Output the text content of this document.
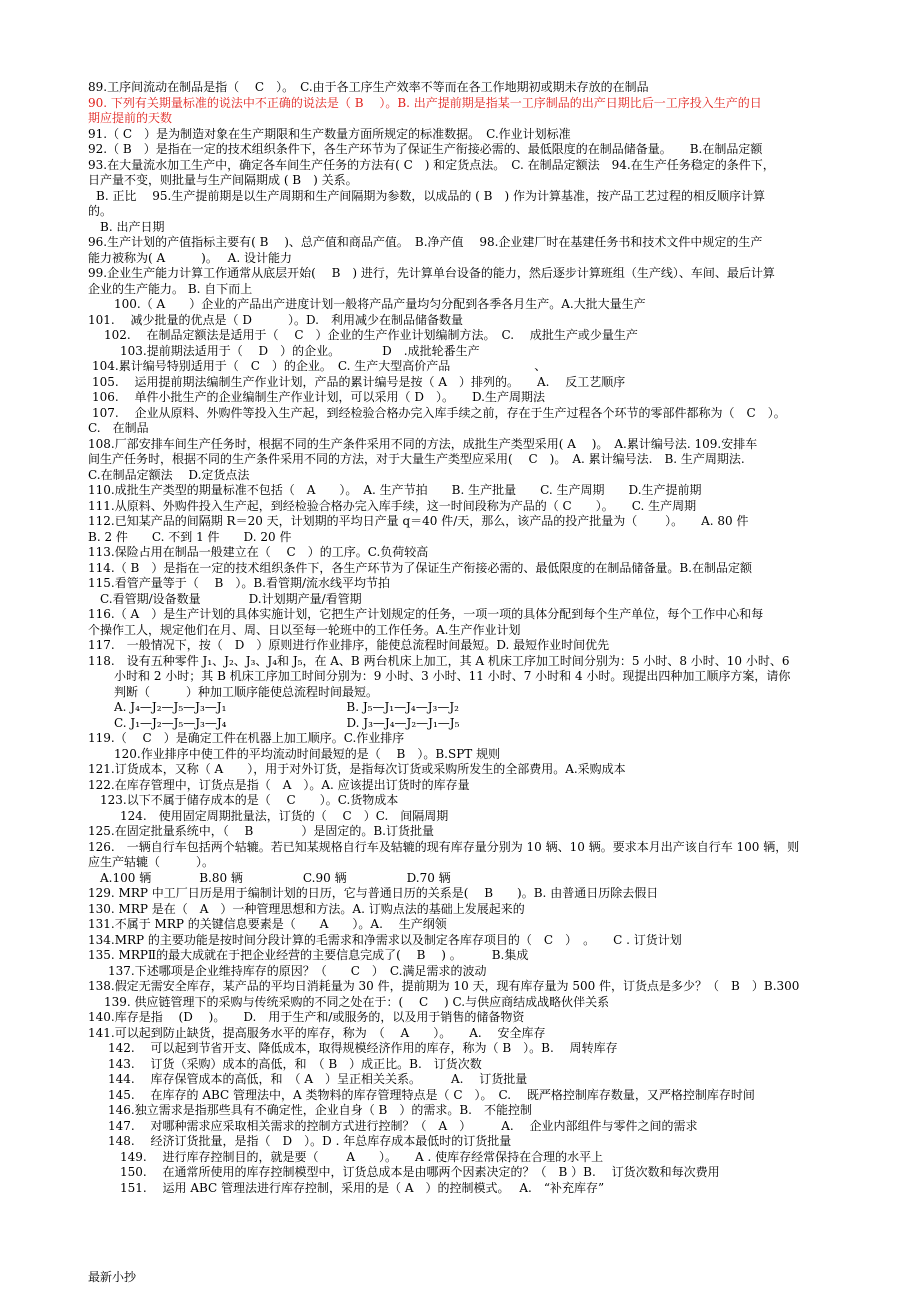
89.工序间流动在制品是指（　 C　）。　C.由于各工序生产效率不等而在各工作地期初或期未存放的在制品
90. 下列有关期量标准的说法中不正确的说法是（ B　 ）。B. 出产提前期是指某一工序制品的出产日期比后一工序投入生产的日
期应提前的天数
91.（ C　）是为制造对象在生产期限和生产数量方面所规定的标准数据。　C.作业计划标准
92.（ B　）是指在一定的技术组织条件下，各生产环节为了保证生产衔接必需的、最低限度的在制品储备量。　　B.在制品定额
93.在大量流水加工生产中，确定各车间生产任务的方法有( C　) 和定货点法。　C. 在制品定额法　94.在生产任务稳定的条件下，
日产量不变，则批量与生产间隔期成 ( B　) 关系。
B. 正比　 95.生产提前期是以生产周期和生产间隔期为参数，以成品的 ( B　) 作为计算基准，按产品工艺过程的相反顺序计算
的。
B. 出产日期
96.生产计划的产值指标主要有( B　 )、总产值和商品产值。　B.净产值　 98.企业建厂时在基建任务书和技术文件中规定的生产
能力被称为( A　　　)。　 A. 设计能力
99.企业生产能力计算工作通常从底层开始(　 B　) 进行，先计算单台设备的能力，然后逐步计算班组（生产线）、车间、最后计算
企业的生产能力。 B. 自下而上
100.（ A　　）企业的产品出产进度计划一般将产品产量均匀分配到各季各月生产。A.大批大量生产
101.　 减少批量的优点是（ D　　　）。D.　利用减少在制品储备数量
102.　 在制品定额法是适用于（　 C　）企业的生产作业计划编制方法。　C.　 成批生产或少量生产
103.提前期法适用于（　 D　）的企业。　　　　D　.成批轮番生产
104.累计编号特别适用于（　C　）的企业。　C. 生产大型高价产品　　　　　　　、
105.　 运用提前期法编制生产作业计划，产品的累计编号是按（ A　）排列的。　　A.　 反工艺顺序
106.　 单件小批生产的企业编制生产作业计划，可以采用（ D　）。　　D.生产周期法
107.　 企业从原料、外购件等投入生产起，到经检验合格办完入库手续之前，存在于生产过程各个环节的零部件都称为（　C　）。
C.　在制品
108.厂部安排车间生产任务时，根据不同的生产条件采用不同的方法，成批生产类型采用( A　 )。　A.累计编号法. 109.安排车
间生产任务时，根据不同的生产条件采用不同的方法，对于大量生产类型应采用(　 C　)。　A. 累计编号法.　B. 生产周期法.
C.在制品定额法　 D.定货点法
110.成批生产类型的期量标准不包括（　A　　）。　A. 生产节拍　　B. 生产批量　　C. 生产周期　　D.生产提前期
111.从原料、外购件投入生产起，到经检验合格办完入库手续，这一时间段称为产品的（ C　　）。　　C. 生产周期
112.已知某产品的间隔期 R＝20 天，计划期的平均日产量 q＝40 件/天，那么，该产品的投产批量为（　　 ）。　　A. 80 件
B. 2 件　　C. 不到 1 件　　D. 20 件
113.保险占用在制品一般建立在（　 C　）的工序。C.负荷较高
114.（ B　）是指在一定的技术组织条件下，各生产环节为了保证生产衔接必需的、最低限度的在制品储备量。B.在制品定额
115.看管产量等于（　 B　）。B.看管期/流水线平均节拍
C.看管期/设备数量　　　　D.计划期产量/看管期
116.（ A　）是生产计划的具体实施计划，它把生产计划规定的任务，一项一项的具体分配到每个生产单位，每个工作中心和每
个操作工人，规定他们在月、周、日以至每一轮班中的工作任务。A.生产作业计划
117.　一般情况下，按（　D　）原则进行作业排序，能使总流程时间最短。D. 最短作业时间优先
118.　设有五种零件 J₁、J₂、J₃、J₄和 J₅，在 A、B 两台机床上加工，其 A 机床工序加工时间分别为：5 小时、8 小时、10 小时、6
小时和 2 小时；其 B 机床工序加工时间分别为：9 小时、3 小时、11 小时、7 小时和 4 小时。现提出四种加工顺序方案，请你
判断（　　　）种加工顺序能使总流程时间最短。
A. J₄—J₂—J₅—J₃—J₁　　　　　　　　　　B. J₅—J₁—J₄—J₃—J₂
C. J₁—J₂—J₅—J₃—J₄　　　　　　　　　　D. J₃—J₄—J₂—J₁—J₅
119.（　 C　）是确定工件在机器上加工顺序。C.作业排序
120.作业排序中使工件的平均流动时间最短的是（　 B　）。B.SPT 规则
121.订货成本，又称（ A　　），用于对外订货，是指每次订货或采购所发生的全部费用。A.采购成本
122.在库存管理中，订货点是指（　A　）。A. 应该提出订货时的库存量
123.以下不属于储存成本的是（　 C　　）。C.货物成本
124.　使用固定周期批量法，订货的（　 C　）C.　间隔周期
125.在固定批量系统中，（　 B　　　　）是固定的。B.订货批量
126.　一辆自行车包括两个轱辘。若已知某规格自行车及轱辘的现有库存量分别为 10 辆、10 辆。要求本月出产该自行车 100 辆，则
应生产轱辘（　　　）。
A.100 辆　　　　B.80 辆　　　　　C.90 辆　　　　　D.70 辆
129. MRP 中工厂日历是用于编制计划的日历，它与普通日历的关系是(　 B　　)。B. 由普通日历除去假日
130. MRP 是在（　A　）一种管理思想和方法。A. 订购点法的基础上发展起来的
131.不属于 MRP 的关键信息要素是（　　A　　）。A.　 生产纲领
134.MRP 的主要功能是按时间分段计算的毛需求和净需求以及制定各库存项目的（　C　）　。　　C . 订货计划
135. MRPⅡ的最大成就在于把企业经营的主要信息完成了(　 B　 ) 。　　　B.集成
137.下述哪项是企业维持库存的原因？（　　C　）　C.满足需求的波动
138.假定无需安全库存，某产品的平均日消耗量为 30 件，提前期为 10 天，现有库存量为 500 件，订货点是多少？（　B　）B.300
139. 供应链管理下的采购与传统采购的不同之处在于：(　 C　 ) C.与供应商结成战略伙伴关系
140.库存是指　 (D　 )。　　D.　用于生产和/或服务的，以及用于销售的储备物资
141.可以起到防止缺货，提高服务水平的库存，称为　（　 A　　）。　　A.　 安全库存
142.　 可以起到节省开支、降低成本，取得规模经济作用的库存，称为（ B　）。B.　 周转库存
143.　 订货（采购）成本的高低，和　（ B　）成正比。B.　订货次数
144.　 库存保管成本的高低，和　（ A　）呈正相关关系。　　　A.　 订货批量
145.　 在库存的 ABC 管理法中，A 类物料的库存管理特点是（ C　）。　C.　 既严格控制库存数量，又严格控制库存时间
146.独立需求是指那些具有不确定性，企业自身（ B　）的需求。B.　不能控制
147.　 对哪种需求应采取相关需求的控制方式进行控制？（　A　）　　　A.　 企业内部组件与零件之间的需求
148.　 经济订货批量，是指（　D　）。D . 年总库存成本最低时的订货批量
149.　 进行库存控制目的，就是要（　　 A　　）。　　A . 使库存经常保持在合理的水平上
150.　 在通常所使用的库存控制模型中，订货总成本是由哪两个因素决定的？（　B ）B.　 订货次数和每次费用
151.　 运用 ABC 管理法进行库存控制，采用的是（ A　）的控制模式。　 A.　“补充库存”
最新小抄
